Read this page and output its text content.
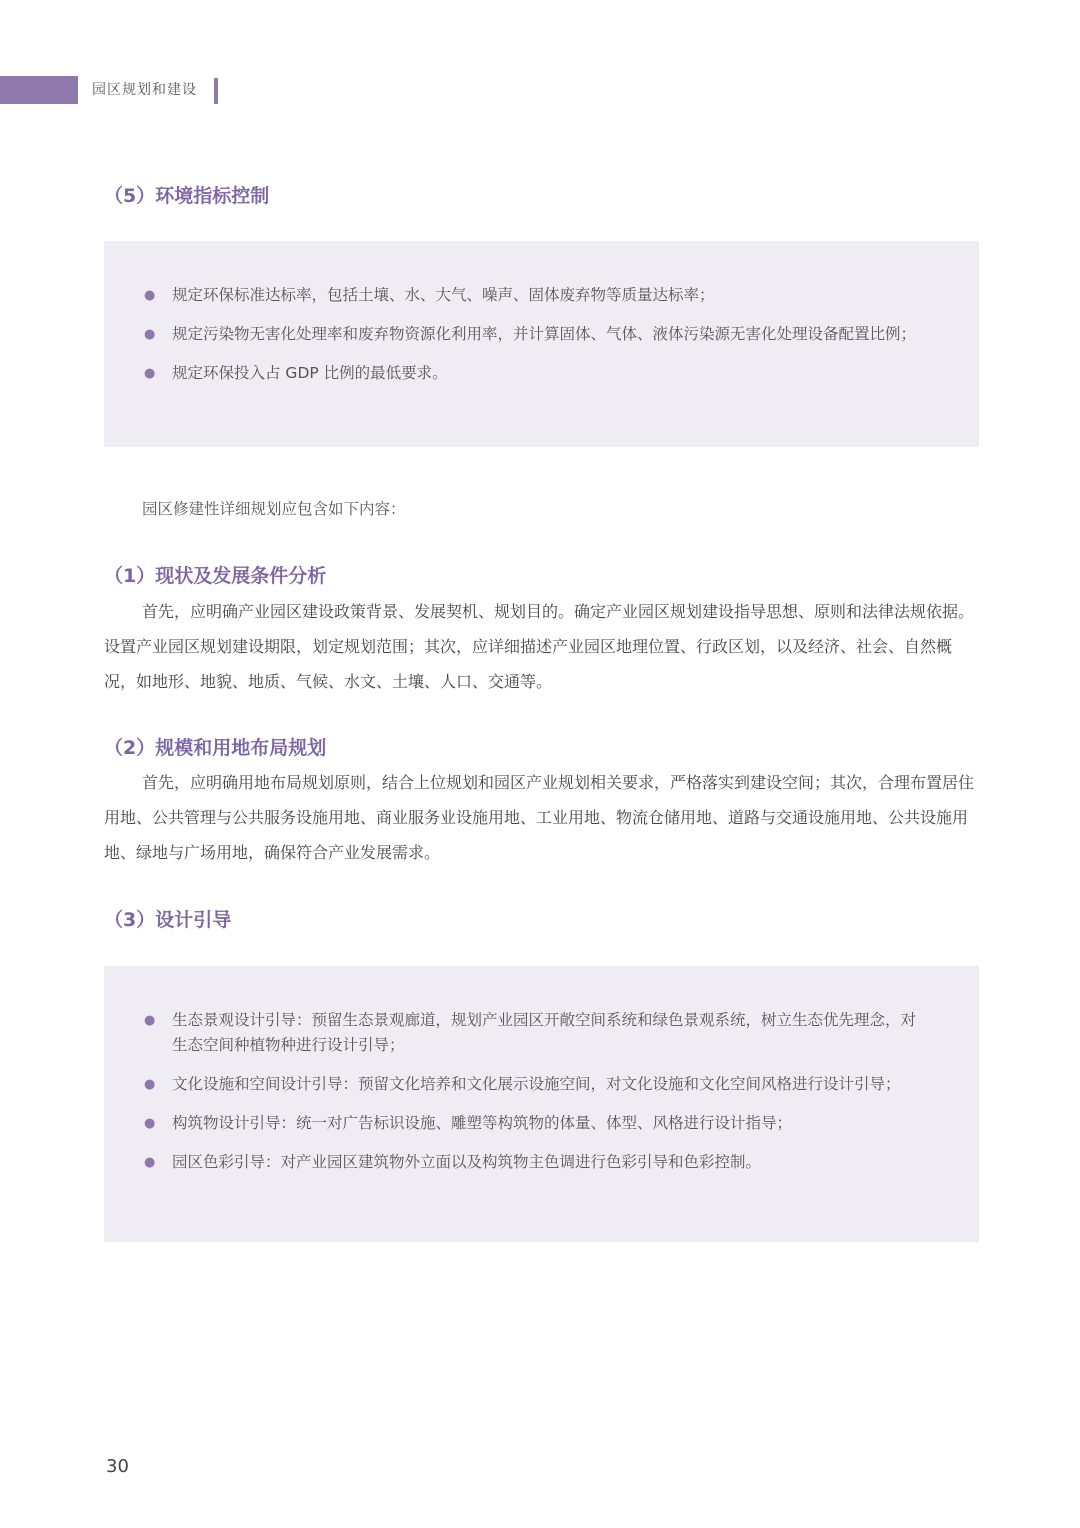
园区规划和建设
（5）环境指标控制
● 规定环保标准达标率，包括土壤、水、大气、噪声、固体废弃物等质量达标率；
● 规定污染物无害化处理率和废弃物资源化利用率，并计算固体、气体、液体污染源无害化处理设备配置比例；
● 规定环保投入占 GDP 比例的最低要求。

园区修建性详细规划应包含如下内容：

（1）现状及发展条件分析

首先，应明确产业园区建设政策背景、发展契机、规划目的。确定产业园区规划建设指导思想、原则和法律法规依据。设置产业园区规划建设期限，划定规划范围；其次，应详细描述产业园区地理位置、行政区划，以及经济、社会、自然概况，如地形、地貌、地质、气候、水文、土壤、人口、交通等。

（2）规模和用地布局规划

首先，应明确用地布局规划原则，结合上位规划和园区产业规划相关要求，严格落实到建设空间；其次，合理布置居住用地、公共管理与公共服务设施用地、商业服务业设施用地、工业用地、物流仓储用地、道路与交通设施用地、公共设施用地、绿地与广场用地，确保符合产业发展需求。

（3）设计引导
● 生态景观设计引导：预留生态景观廊道，规划产业园区开敞空间系统和绿色景观系统，树立生态优先理念，对生态空间种植物种进行设计引导；
● 文化设施和空间设计引导：预留文化培养和文化展示设施空间，对文化设施和文化空间风格进行设计引导；
● 构筑物设计引导：统一对广告标识设施、雕塑等构筑物的体量、体型、风格进行设计指导；
● 园区色彩引导：对产业园区建筑物外立面以及构筑物主色调进行色彩引导和色彩控制。
30
